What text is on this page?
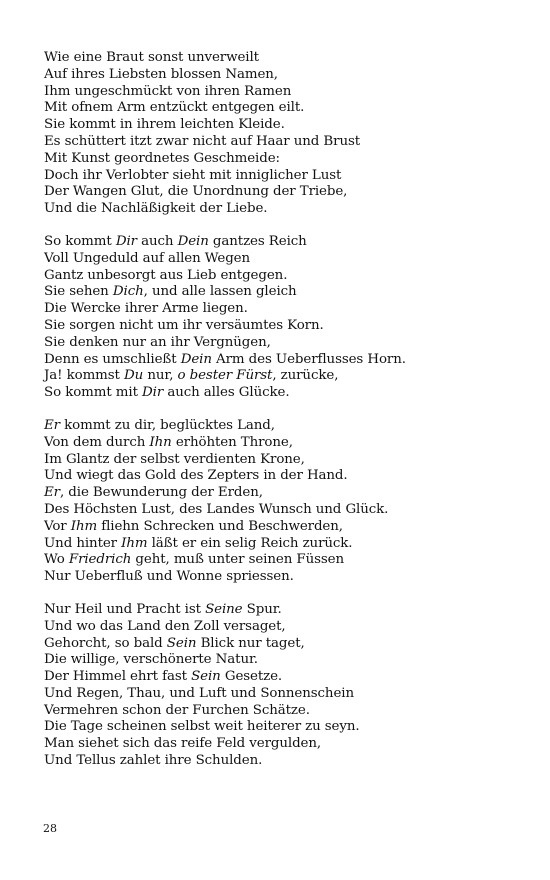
Wie eine Braut sonst unverweilt
Auf ihres Liebsten blossen Namen,
Ihm ungeschmückt von ihren Ramen
Mit ofnem Arm entzückt entgegen eilt.
Sie kommt in ihrem leichten Kleide.
Es schüttert itzt zwar nicht auf Haar und Brust
Mit Kunst geordnetes Geschmeide:
Doch ihr Verlobter sieht mit inniglicher Lust
Der Wangen Glut, die Unordnung der Triebe,
Und die Nachläßigkeit der Liebe.
So kommt Dir auch Dein gantzes Reich
Voll Ungeduld auf allen Wegen
Gantz unbesorgt aus Lieb entgegen.
Sie sehen Dich, und alle lassen gleich
Die Wercke ihrer Arme liegen.
Sie sorgen nicht um ihr versäumtes Korn.
Sie denken nur an ihr Vergnügen,
Denn es umschließt Dein Arm des Ueberflusses Horn.
Ja! kommst Du nur, o bester Fürst, zurücke,
So kommt mit Dir auch alles Glücke.
Er kommt zu dir, beglücktes Land,
Von dem durch Ihn erhöhten Throne,
Im Glantz der selbst verdienten Krone,
Und wiegt das Gold des Zepters in der Hand.
Er, die Bewunderung der Erden,
Des Höchsten Lust, des Landes Wunsch und Glück.
Vor Ihm fliehn Schrecken und Beschwerden,
Und hinter Ihm läßt er ein selig Reich zurück.
Wo Friedrich geht, muß unter seinen Füssen
Nur Ueberfluß und Wonne spriessen.
Nur Heil und Pracht ist Seine Spur.
Und wo das Land den Zoll versaget,
Gehorcht, so bald Sein Blick nur taget,
Die willige, verschönerte Natur.
Der Himmel ehrt fast Sein Gesetze.
Und Regen, Thau, und Luft und Sonnenschein
Vermehren schon der Furchen Schätze.
Die Tage scheinen selbst weit heiterer zu seyn.
Man siehet sich das reife Feld vergulden,
Und Tellus zahlet ihre Schulden.
28
